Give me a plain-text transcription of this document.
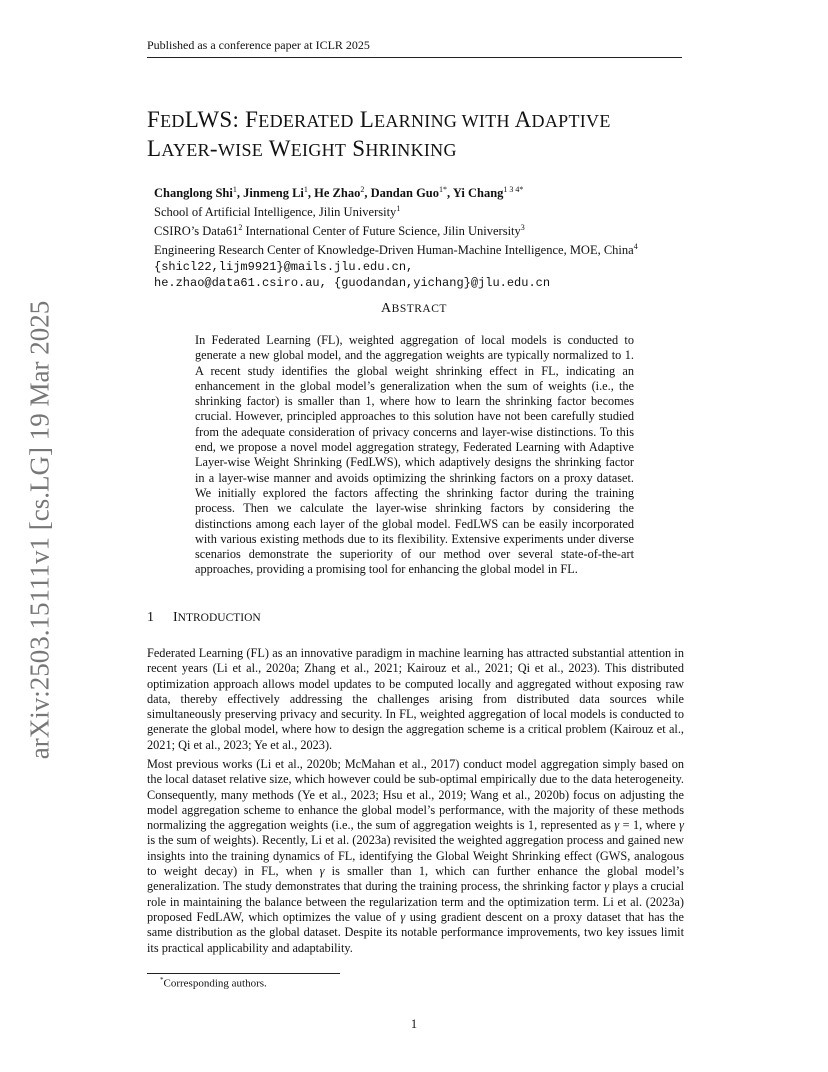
Published as a conference paper at ICLR 2025
arXiv:2503.15111v1 [cs.LG] 19 Mar 2025
FEDLWS: FEDERATED LEARNING WITH ADAPTIVE
LAYER-WISE WEIGHT SHRINKING
Changlong Shi$^1$, Jinmeng Li$^1$, He Zhao$^2$, Dandan Guo$^{1*}$, Yi Chang$^{1 3 4*}$
School of Artificial Intelligence, Jilin University$^1$
CSIRO’s $Data61^2$ International Center of Future Science, Jilin University$^3$
Engineering Research Center of Knowledge-Driven Human-Machine Intelligence, MOE, China$^4$
{shicl22,lijm9921}@mails.jlu.edu.cn,
he.zhao@data61.csiro.au, {guodandan,yichang}@jlu.edu.cn
ABSTRACT
In Federated Learning (FL), weighted aggregation of local models is conducted to generate a new global model, and the aggregation weights are typically normalized to 1. A recent study identifies the global weight shrinking effect in FL, indicating an enhancement in the global model’s generalization when the sum of weights (i.e., the shrinking factor) is smaller than 1, where how to learn the shrinking factor becomes crucial. However, principled approaches to this solution have not been carefully studied from the adequate consideration of privacy concerns and layer-wise distinctions. To this end, we propose a novel model aggregation strategy, Federated Learning with Adaptive Layer-wise Weight Shrinking (FedLWS), which adaptively designs the shrinking factor in a layer-wise manner and avoids optimizing the shrinking factors on a proxy dataset. We initially explored the factors affecting the shrinking factor during the training process. Then we calculate the layer-wise shrinking factors by considering the distinctions among each layer of the global model. FedLWS can be easily incorporated with various existing methods due to its flexibility. Extensive experiments under diverse scenarios demonstrate the superiority of our method over several state-of-the-art approaches, providing a promising tool for enhancing the global model in FL.
1 INTRODUCTION
Federated Learning (FL) as an innovative paradigm in machine learning has attracted substantial attention in recent years (Li et al., 2020a; Zhang et al., 2021; Kairouz et al., 2021; Qi et al., 2023). This distributed optimization approach allows model updates to be computed locally and aggregated without exposing raw data, thereby effectively addressing the challenges arising from distributed data sources while simultaneously preserving privacy and security. In FL, weighted aggregation of local models is conducted to generate the global model, where how to design the aggregation scheme is a critical problem (Kairouz et al., 2021; Qi et al., 2023; Ye et al., 2023).
Most previous works (Li et al., 2020b; McMahan et al., 2017) conduct model aggregation simply based on the local dataset relative size, which however could be sub-optimal empirically due to the data heterogeneity. Consequently, many methods (Ye et al., 2023; Hsu et al., 2019; Wang et al., 2020b) focus on adjusting the model aggregation scheme to enhance the global model’s performance, with the majority of these methods normalizing the aggregation weights (i.e., the sum of aggregation weights is 1, represented as γ = 1, where γ is the sum of weights). Recently, Li et al. (2023a) revisited the weighted aggregation process and gained new insights into the training dynamics of FL, identifying the Global Weight Shrinking effect (GWS, analogous to weight decay) in FL, when γ is smaller than 1, which can further enhance the global model’s generalization. The study demonstrates that during the training process, the shrinking factor γ plays a crucial role in maintaining the balance between the regularization term and the optimization term. Li et al. (2023a) proposed FedLAW, which optimizes the value of γ using gradient descent on a proxy dataset that has the same distribution as the global dataset. Despite its notable performance improvements, two key issues limit its practical applicability and adaptability.
*Corresponding authors.
1
